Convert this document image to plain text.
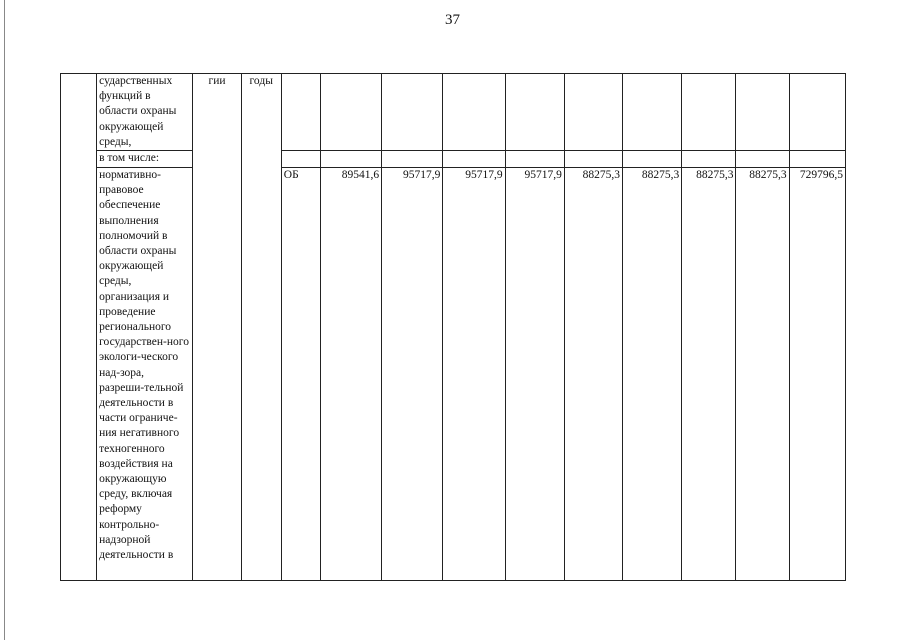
37
	сударственных функций в области охраны окружающей среды,	гии	годы										
	в том числе:												
	нормативно-правовое обеспечение выполнения полномочий в области охраны окружающей среды, организация и проведение регионального государствен-ного экологи-ческого над-зора, разреши-тельной деятельности в части ограниче-ния негативного техногенного воздействия на окружающую среду, включая реформу контрольно-надзорной деятельности в			ОБ	89541,6	95717,9	95717,9	95717,9	88275,3	88275,3	88275,3	88275,3	729796,5
